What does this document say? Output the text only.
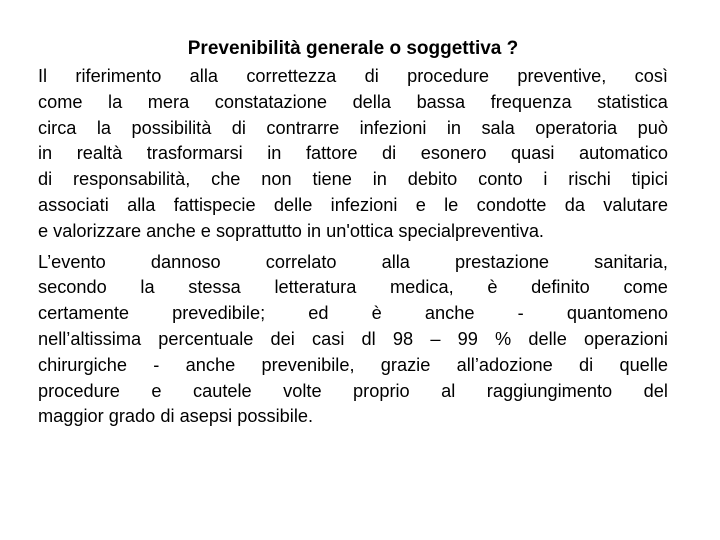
Prevenibilità generale o soggettiva ?
Il riferimento alla correttezza di procedure preventive, così
come la mera constatazione della bassa frequenza statistica
circa la possibilità di contrarre infezioni in sala operatoria può
in realtà trasformarsi in fattore di esonero quasi automatico
di responsabilità, che non tiene in debito conto i rischi tipici
associati alla fattispecie delle infezioni e le condotte da valutare
e valorizzare anche e soprattutto in un'ottica specialpreventiva.
L’evento dannoso correlato alla prestazione sanitaria,
secondo la stessa letteratura medica, è definito come
certamente prevedibile; ed è anche - quantomeno
nell’altissima percentuale dei casi dl 98 – 99 % delle operazioni
chirurgiche - anche prevenibile, grazie all’adozione di quelle
procedure e cautele volte proprio al raggiungimento del
maggior grado di asepsi possibile.
